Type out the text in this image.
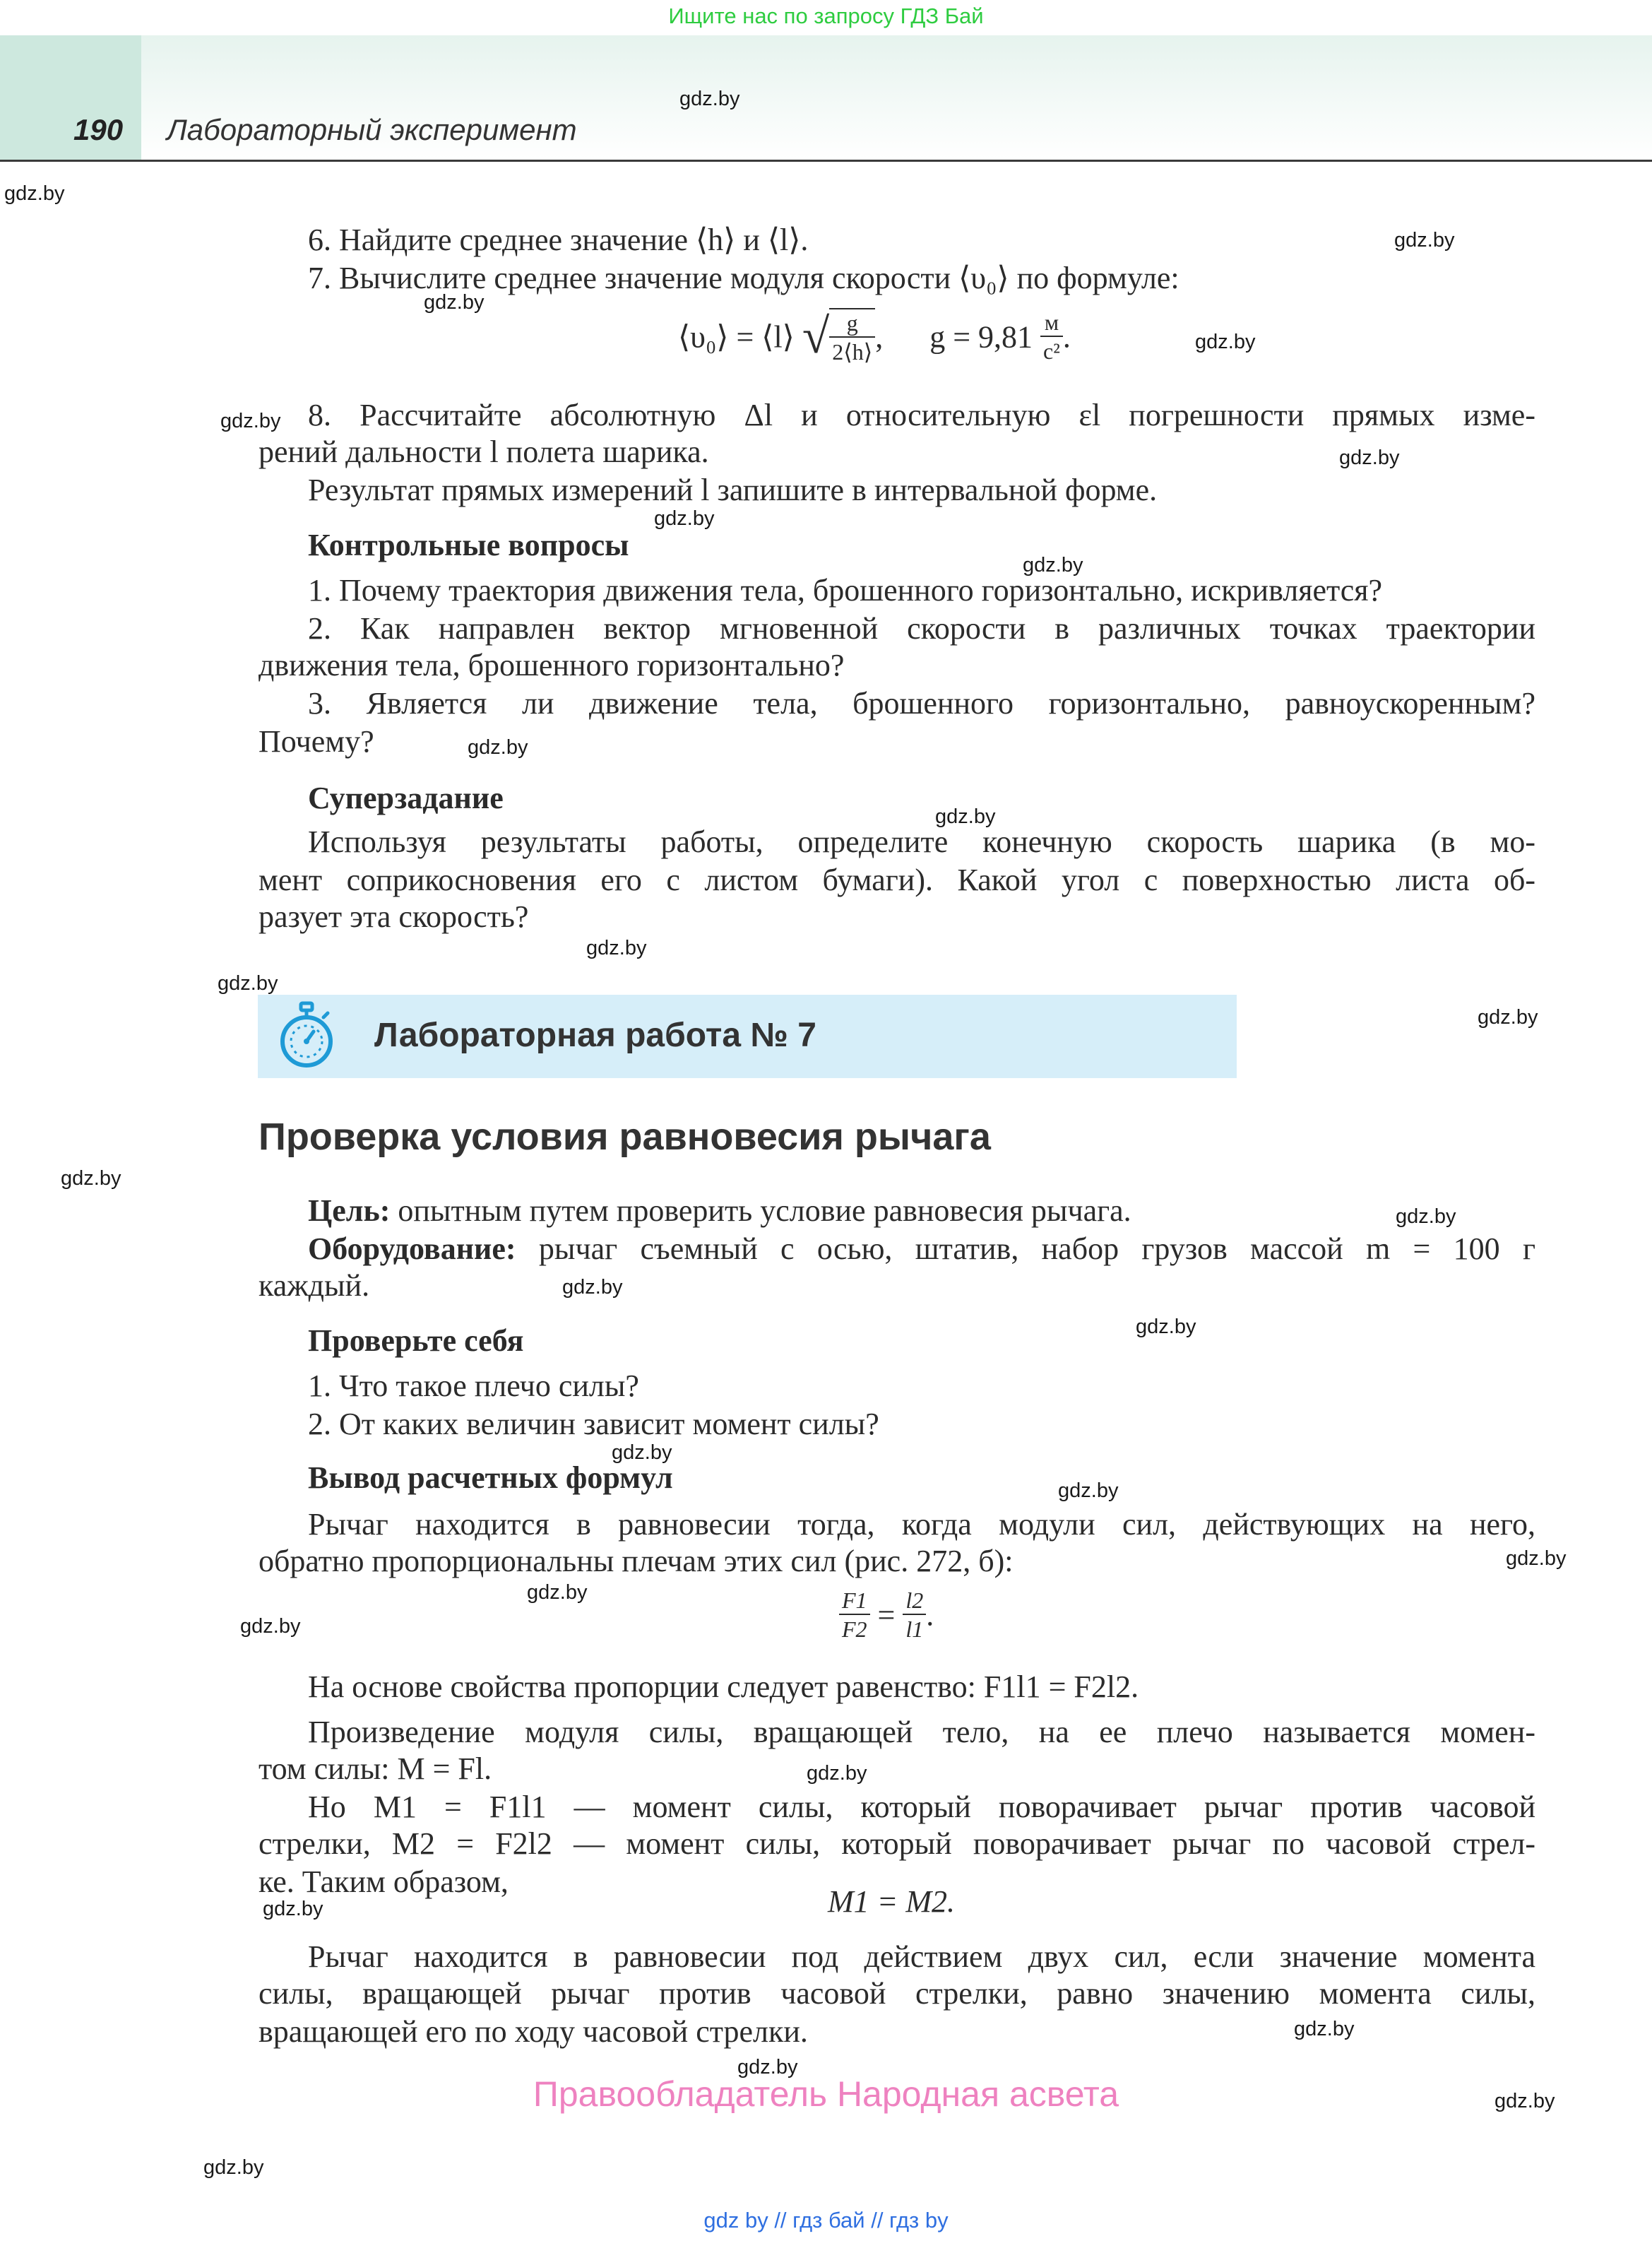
Ищите нас по запросу ГДЗ Бай
190 Лабораторный эксперимент
gdz.by
gdz.by
gdz.by
gdz.by
gdz.by
gdz.by
gdz.by
gdz.by
gdz.by
gdz.by
gdz.by
gdz.by
gdz.by
gdz.by
gdz.by
gdz.by
gdz.by
gdz.by
gdz.by
gdz.by
gdz.by
gdz.by
gdz.by
gdz.by
gdz.by
gdz.by
gdz.by
gdz.by
gdz.by
6. Найдите среднее значение ⟨h⟩ и ⟨l⟩.
7. Вычислите среднее значение модуля скорости ⟨υ₀⟩ по формуле:
⟨υ₀⟩ = ⟨l⟩ √ $\frac{g}{2⟨h⟩}$ ,      $g = 9,81 \frac{м}{\text{с²}}$ .
8. Рассчитайте абсолютную Δl и относительную εl погрешности прямых изме-
рений дальности l полета шарика.
Результат прямых измерений l запишите в интервальной форме.
Контрольные вопросы
1. Почему траектория движения тела, брошенного горизонтально, искривляется?
2. Как направлен вектор мгновенной скорости в различных точках траектории
движения тела, брошенного горизонтально?
3. Является ли движение тела, брошенного горизонтально, равноускоренным?
Почему?
Суперзадание
Используя результаты работы, определите конечную скорость шарика (в мо-
мент соприкосновения его с листом бумаги). Какой угол с поверхностью листа об-
разует эта скорость?
Лабораторная работа № 7
Проверка условия равновесия рычага
Цель: опытным путем проверить условие равновесия рычага.
Оборудование: рычаг съемный с осью, штатив, набор грузов массой m = 100 г
каждый.
Проверьте себя
1. Что такое плечо силы?
2. От каких величин зависит момент силы?
Вывод расчетных формул
Рычаг находится в равновесии тогда, когда модули сил, действующих на него,
обратно пропорциональны плечам этих сил (рис. 272, б):
$\frac{F1}{F2} = \frac{l2}{l1}$ .
На основе свойства пропорции следует равенство: F1l1 = F2l2.
Произведение модуля силы, вращающей тело, на ее плечо называется момен-
том силы: M = Fl.
Но M1 = F1l1 — момент силы, который поворачивает рычаг против часовой
стрелки, M2 = F2l2 — момент силы, который поворачивает рычаг по часовой стрел-
ке. Таким образом,
M1 = M2.
Рычаг находится в равновесии под действием двух сил, если значение момента
силы, вращающей рычаг против часовой стрелки, равно значению момента силы,
вращающей его по ходу часовой стрелки.
Правообладатель Народная асвета
gdz by // гдз бай // гдз by
